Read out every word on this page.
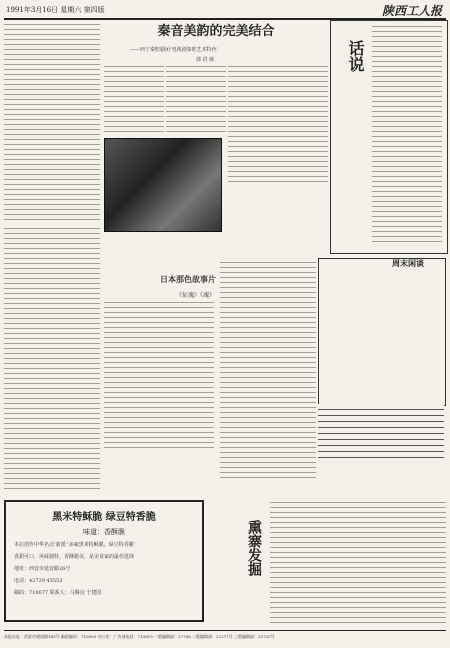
1991年3月16日 星期六 第四版	陕西工人报
秦音美韵的完美结合
——西宁秦腔剧团‘电视剧秦腔艺术特色’
郭 洪 韩	话说
日本那色故事片
《征魂》《魂》
周末闲谈
熏寨发掘
黑米特稣脆 绿豆特香脆
味道：香酥脆
本店创作中华名点‘浙派’‘多味黑米特稣脆，绿豆特香脆’
香甜可口，风味独特，香酥脆美，是美食家的最佳选择
地址：西安市延安路26号
电话：42729 43553
邮码：710077 联系人：马腾良 于建国
本报社址：西安市建国路149号 邮政编码：710003 办公室：广告部电话：710619 一版编辑部：27706 二版编辑部：22277号 三版编辑部：25725号
